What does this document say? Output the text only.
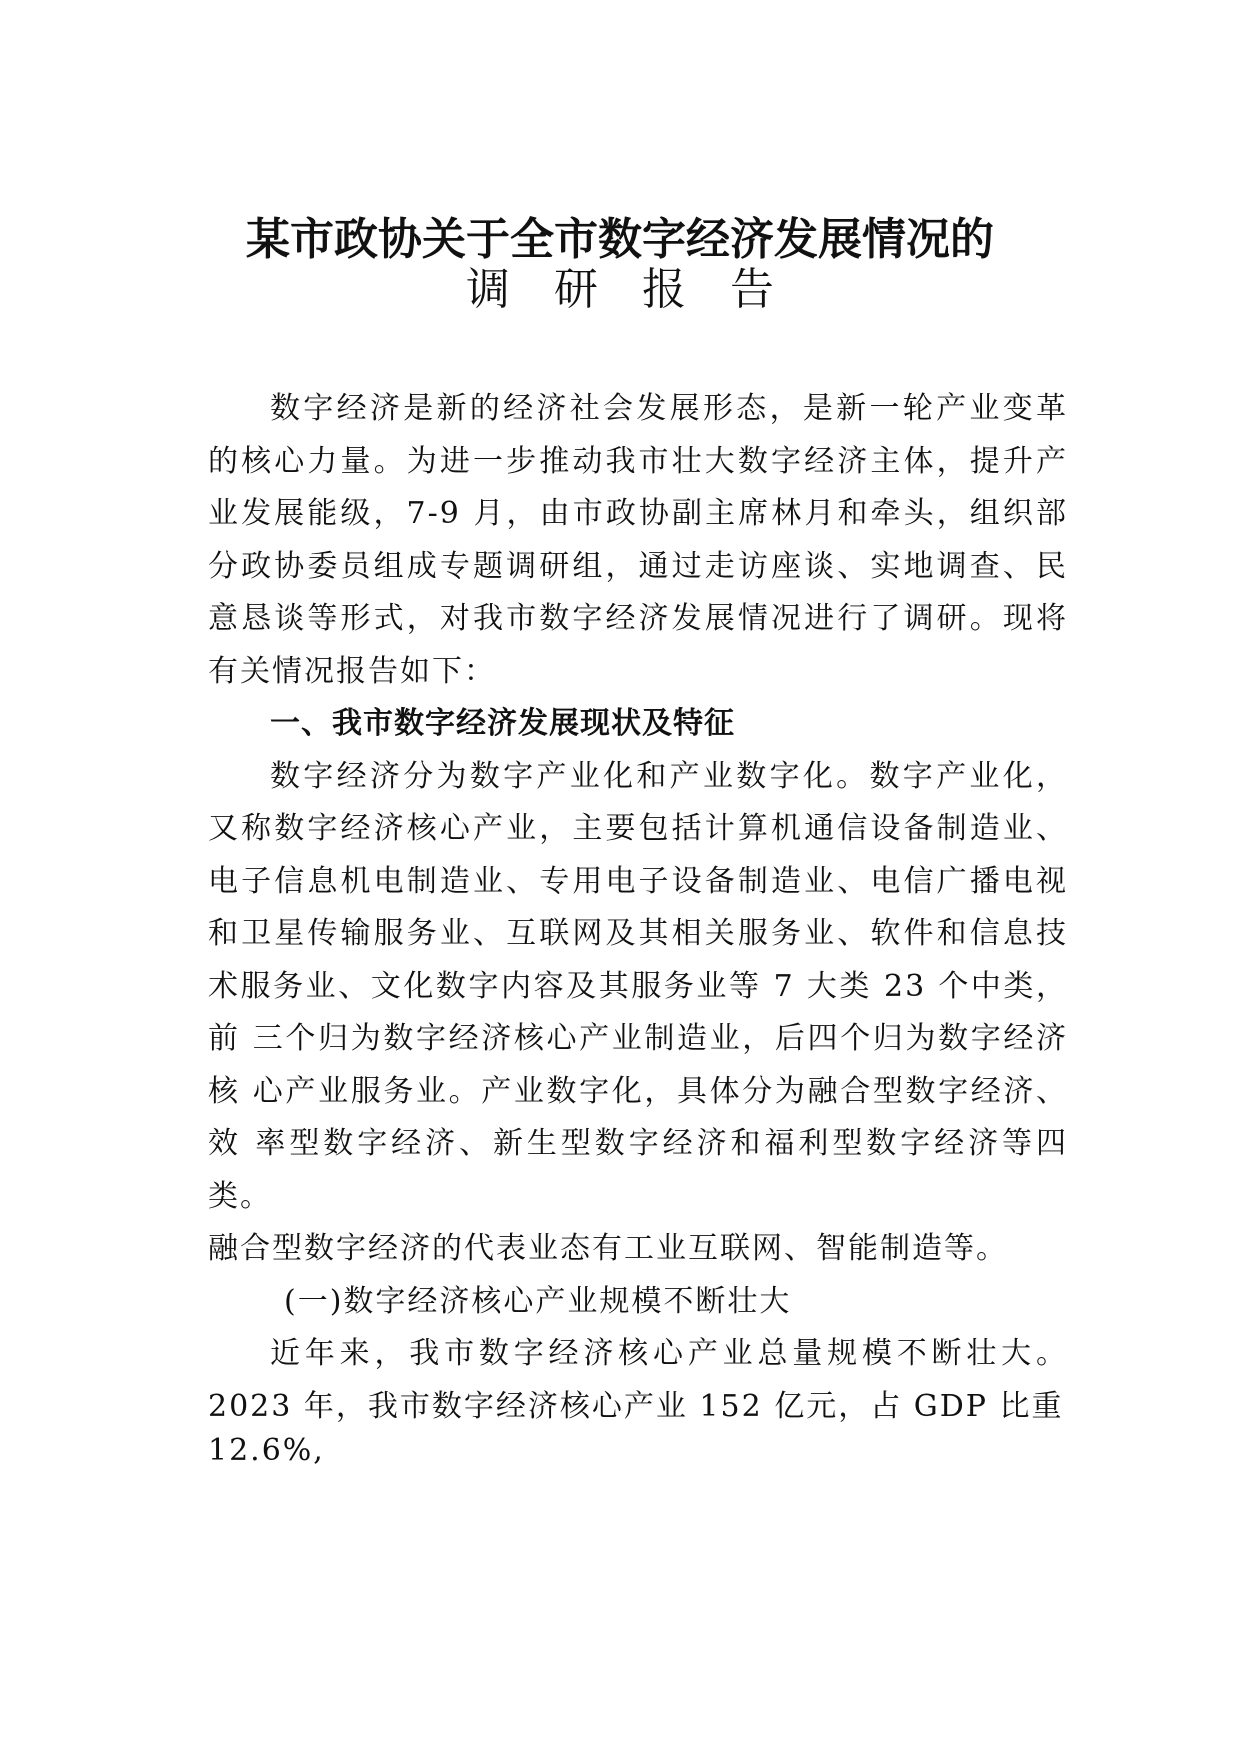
某市政协关于全市数字经济发展情况的
调研报告

数字经济是新的经济社会发展形态，是新一轮产业变革的核心力量。为进一步推动我市壮大数字经济主体，提升产业发展能级，7-9 月，由市政协副主席林月和牵头，组织部分政协委员组成专题调研组，通过走访座谈、实地调查、民意恳谈等形式，对我市数字经济发展情况进行了调研。现将有关情况报告如下：

一、我市数字经济发展现状及特征

数字经济分为数字产业化和产业数字化。数字产业化，又称数字经济核心产业，主要包括计算机通信设备制造业、电子信息机电制造业、专用电子设备制造业、电信广播电视和卫星传输服务业、互联网及其相关服务业、软件和信息技术服务业、文化数字内容及其服务业等 7 大类 23 个中类，前 三个归为数字经济核心产业制造业，后四个归为数字经济核 心产业服务业。产业数字化，具体分为融合型数字经济、效 率型数字经济、新生型数字经济和福利型数字经济等四类。

融合型数字经济的代表业态有工业互联网、智能制造等。

(一)数字经济核心产业规模不断壮大

近年来，我市数字经济核心产业总量规模不断壮大。2023 年，我市数字经济核心产业 152 亿元，占 GDP 比重

12.6%,
